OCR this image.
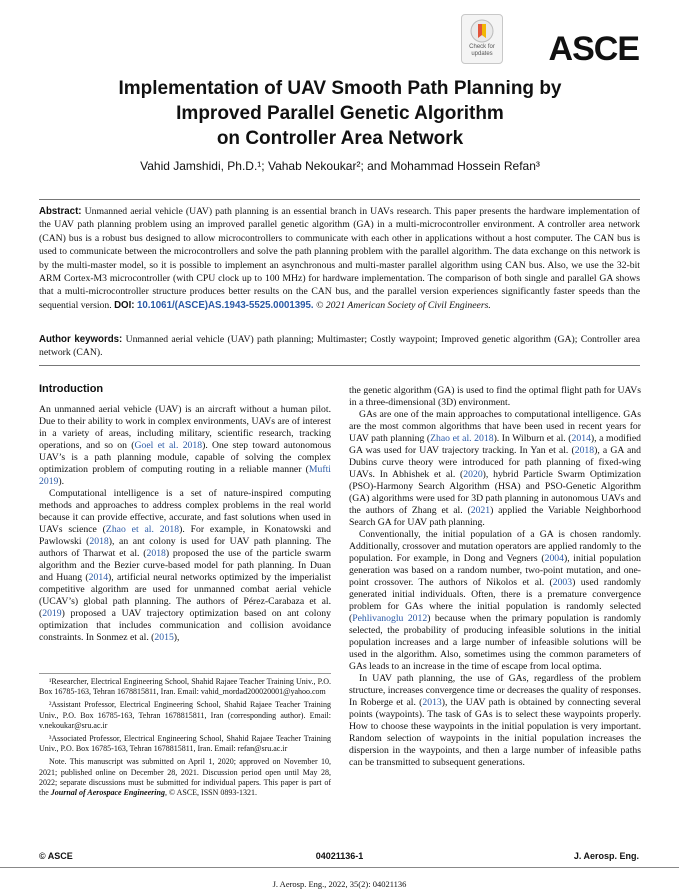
Check for updates ASCE
Implementation of UAV Smooth Path Planning by
Improved Parallel Genetic Algorithm
on Controller Area Network
Vahid Jamshidi, Ph.D.¹; Vahab Nekoukar²; and Mohammad Hossein Refan³
Abstract: Unmanned aerial vehicle (UAV) path planning is an essential branch in UAVs research. This paper presents the hardware implementation of the UAV path planning problem using an improved parallel genetic algorithm (GA) in a multi-microcontroller environment. A controller area network (CAN) bus is a robust bus designed to allow microcontrollers to communicate with each other in applications without a host computer. The CAN bus is used to communicate between the microcontrollers and solve the path planning problem with the parallel algorithm. The data exchange on this network is by the multi-master model, so it is possible to implement an asynchronous and multi-master parallel algorithm using CAN bus. Also, we use the 32-bit ARM Cortex-M3 microcontroller (with CPU clock up to 100 MHz) for hardware implementation. The comparison of both single and parallel GA shows that a multi-microcontroller structure produces better results on the CAN bus, and the parallel version experiences significantly faster speeds than the sequential version. DOI: 10.1061/(ASCE)AS.1943-5525.0001395. © 2021 American Society of Civil Engineers.
Author keywords: Unmanned aerial vehicle (UAV) path planning; Multimaster; Costly waypoint; Improved genetic algorithm (GA); Controller area network (CAN).
Introduction

An unmanned aerial vehicle (UAV) is an aircraft without a human pilot. Due to their ability to work in complex environments, UAVs are of interest in a variety of areas, including military, scientific research, tracking operations, and so on (Goel et al. 2018). One step toward autonomous UAV’s is a path planning module, capable of solving the complex optimization problem of computing routing in a reliable manner (Mufti 2019).

Computational intelligence is a set of nature-inspired computing methods and approaches to address complex problems in the real world because it can provide effective, accurate, and fast solutions when used in UAVs science (Zhao et al. 2018). For example, in Konatowski and Pawlowski (2018), an ant colony is used for UAV path planning. The authors of Tharwat et al. (2018) proposed the use of the particle swarm algorithm and the Bezier curve-based model for path planning. In Duan and Huang (2014), artificial neural networks optimized by the imperialist competitive algorithm are used for unmanned combat aerial vehicle (UCAV’s) global path planning. The authors of Pérez-Carabaza et al. (2019) proposed a UAV trajectory optimization based on ant colony optimization that includes communication and collision avoidance constraints. In Sonmez et al. (2015),

¹Researcher, Electrical Engineering School, Shahid Rajaee Teacher Training Univ., P.O. Box 16785-163, Tehran 1678815811, Iran. Email: vahid_mordad200020001@yahoo.com

²Assistant Professor, Electrical Engineering School, Shahid Rajaee Teacher Training Univ., P.O. Box 16785-163, Tehran 1678815811, Iran (corresponding author). Email: v.nekoukar@sru.ac.ir

³Associated Professor, Electrical Engineering School, Shahid Rajaee Teacher Training Univ., P.O. Box 16785-163, Tehran 1678815811, Iran. Email: refan@sru.ac.ir

Note. This manuscript was submitted on April 1, 2020; approved on November 10, 2021; published online on December 28, 2021. Discussion period open until May 28, 2022; separate discussions must be submitted for individual papers. This paper is part of the Journal of Aerospace Engineering, © ASCE, ISSN 0893-1321.

the genetic algorithm (GA) is used to find the optimal flight path for UAVs in a three-dimensional (3D) environment.

GAs are one of the main approaches to computational intelligence. GAs are the most common algorithms that have been used in recent years for UAV path planning (Zhao et al. 2018). In Wilburn et al. (2014), a modified GA was used for UAV trajectory tracking. In Yan et al. (2018), a GA and Dubins curve theory were introduced for path planning of fixed-wing UAVs. In Abhishek et al. (2020), hybrid Particle Swarm Optimization (PSO)-Harmony Search Algorithm (HSA) and PSO-Genetic Algorithm (GA) algorithms were used for 3D path planning in autonomous UAVs and the authors of Zhang et al. (2021) applied the Variable Neighborhood Search GA for UAV path planning.

Conventionally, the initial population of a GA is chosen randomly. Additionally, crossover and mutation operators are applied randomly to the population. For example, in Dong and Vegners (2004), initial population generation was based on a random number, two-point mutation, and one-point crossover. The authors of Nikolos et al. (2003) used randomly generated initial individuals. Often, there is a premature convergence problem for GAs where the initial population is randomly selected (Pehlivanoglu 2012) because when the primary population is randomly selected, the probability of producing infeasible solutions in the initial population increases and a large number of infeasible solutions will be used in the algorithm. Also, sometimes using the common parameters of GAs leads to an increase in the time of escape from local optima.

In UAV path planning, the use of GAs, regardless of the problem structure, increases convergence time or decreases the quality of responses. In Roberge et al. (2013), the UAV path is obtained by connecting several points (waypoints). The task of GAs is to select these waypoints properly. How to choose these waypoints in the initial population is very important. Random selection of waypoints in the initial population increases the dispersion in the waypoints, and then a large number of infeasible paths can be transmitted to subsequent generations.

© ASCE	04021136-1	J. Aerosp. Eng.
J. Aerosp. Eng., 2022, 35(2): 04021136
